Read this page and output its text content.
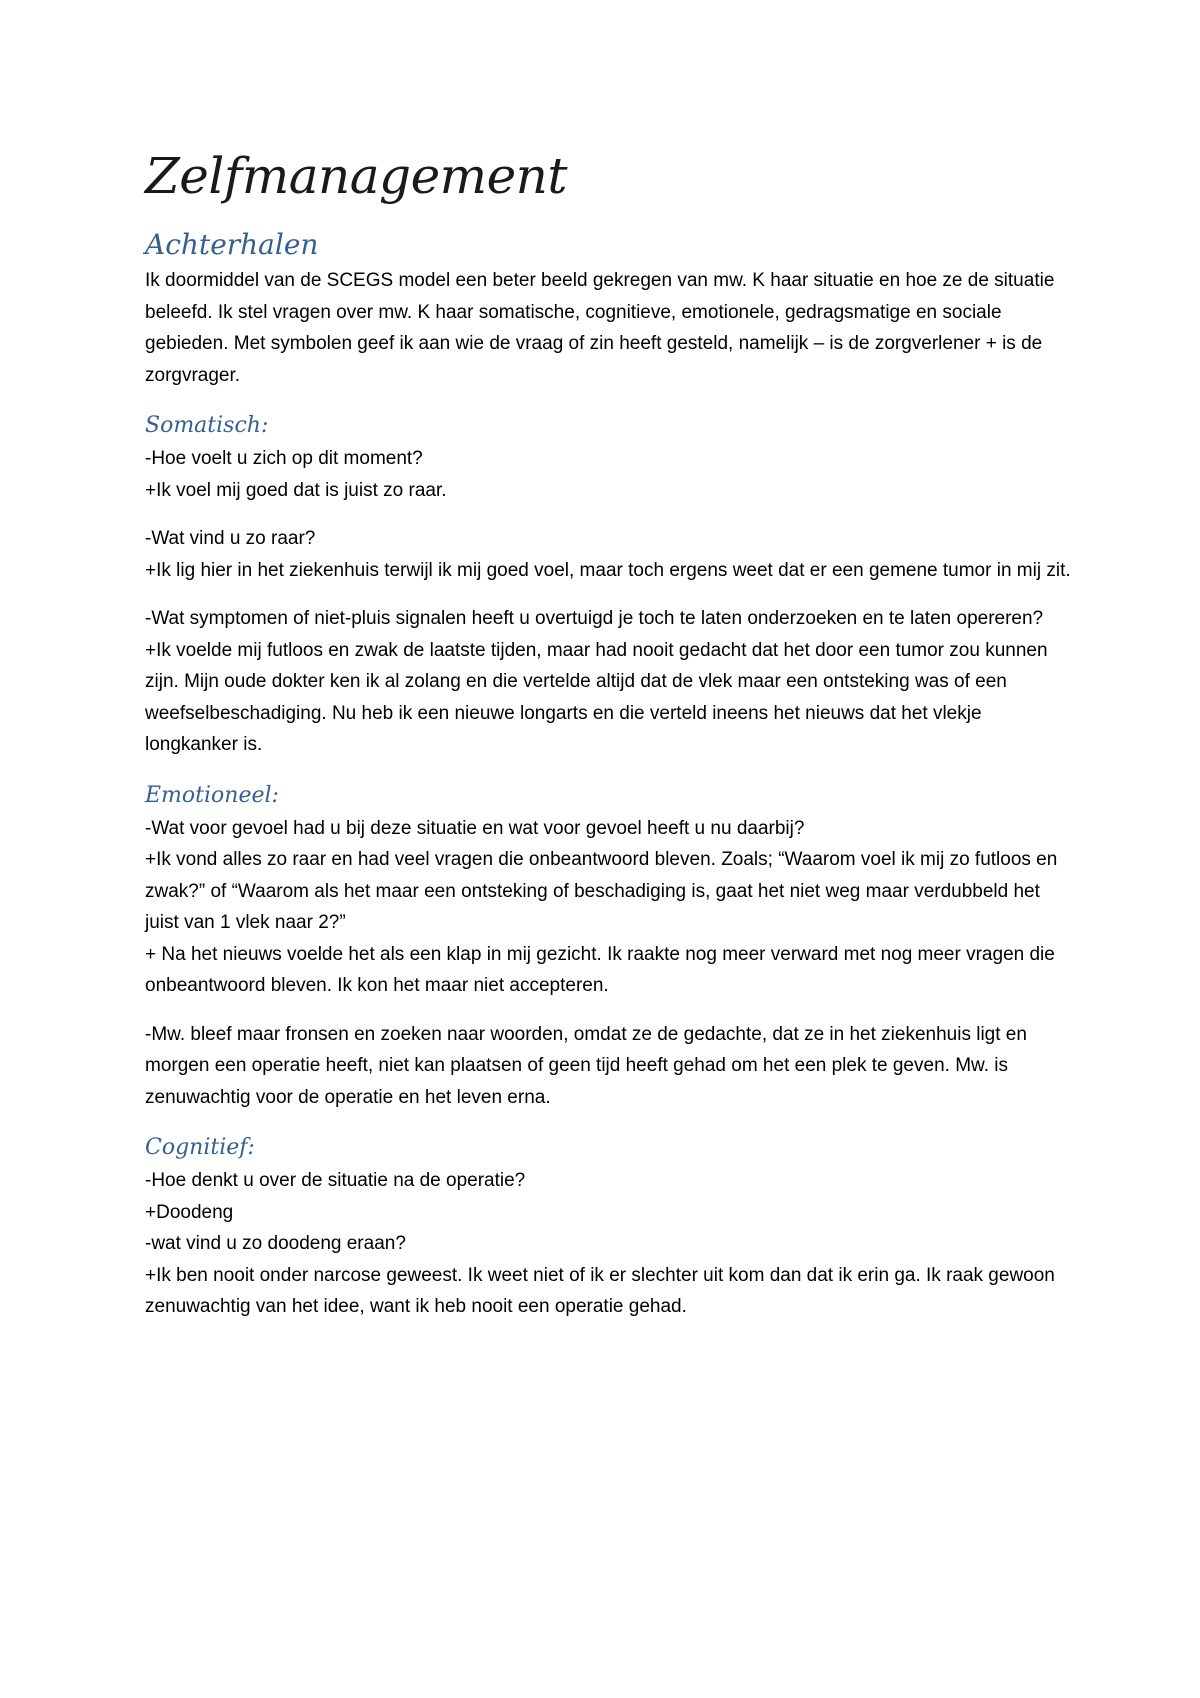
Zelfmanagement
Achterhalen

Ik doormiddel van de SCEGS model een beter beeld gekregen van mw. K haar situatie en hoe ze de situatie beleefd. Ik stel vragen over mw. K haar somatische, cognitieve, emotionele, gedragsmatige en sociale gebieden. Met symbolen geef ik aan wie de vraag of zin heeft gesteld, namelijk – is de zorgverlener + is de zorgvrager.

Somatisch:

-Hoe voelt u zich op dit moment?

+Ik voel mij goed dat is juist zo raar.

-Wat vind u zo raar?

+Ik lig hier in het ziekenhuis terwijl ik mij goed voel, maar toch ergens weet dat er een gemene tumor in mij zit.

-Wat symptomen of niet-pluis signalen heeft u overtuigd je toch te laten onderzoeken en te laten opereren?

+Ik voelde mij futloos en zwak de laatste tijden, maar had nooit gedacht dat het door een tumor zou kunnen zijn. Mijn oude dokter ken ik al zolang en die vertelde altijd dat de vlek maar een ontsteking was of een weefselbeschadiging. Nu heb ik een nieuwe longarts en die verteld ineens het nieuws dat het vlekje longkanker is.

Emotioneel:

-Wat voor gevoel had u bij deze situatie en wat voor gevoel heeft u nu daarbij?

+Ik vond alles zo raar en had veel vragen die onbeantwoord bleven. Zoals; “Waarom voel ik mij zo futloos en zwak?” of “Waarom als het maar een ontsteking of beschadiging is, gaat het niet weg maar verdubbeld het juist van 1 vlek naar 2?”

+ Na het nieuws voelde het als een klap in mij gezicht. Ik raakte nog meer verward met nog meer vragen die onbeantwoord bleven. Ik kon het maar niet accepteren.

-Mw. bleef maar fronsen en zoeken naar woorden, omdat ze de gedachte, dat ze in het ziekenhuis ligt en morgen een operatie heeft, niet kan plaatsen of geen tijd heeft gehad om het een plek te geven. Mw. is zenuwachtig voor de operatie en het leven erna.

Cognitief:

-Hoe denkt u over de situatie na de operatie?

+Doodeng

-wat vind u zo doodeng eraan?

+Ik ben nooit onder narcose geweest. Ik weet niet of ik er slechter uit kom dan dat ik erin ga. Ik raak gewoon zenuwachtig van het idee, want ik heb nooit een operatie gehad.
